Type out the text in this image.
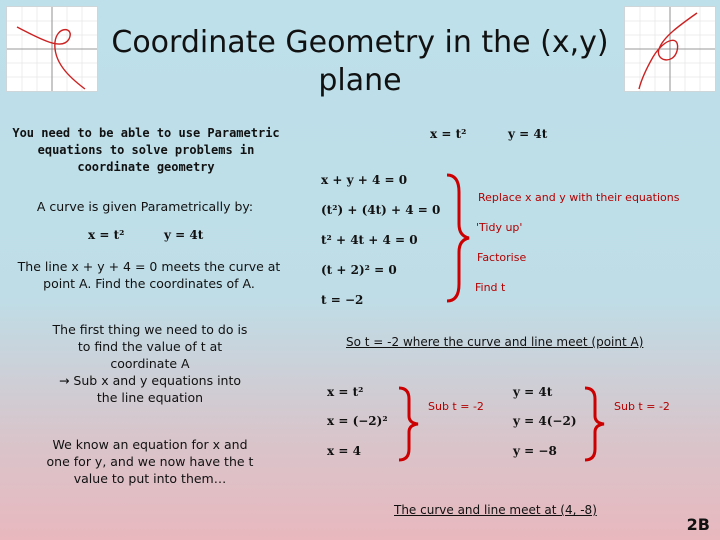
Coordinate Geometry in the (x,y)
plane
You need to be able to use Parametric
equations to solve problems in
coordinate geometry
A curve is given Parametrically by:
x = t²	y = 4t
The line x + y + 4 = 0 meets the curve at
point A. Find the coordinates of A.
The first thing we need to do is
to find the value of t at
coordinate A
→ Sub x and y equations into
the line equation
We know an equation for x and
one for y, and we now have the t
value to put into them…
x = t²	y = 4t
x + y + 4 = 0
(t²) + (4t) + 4 = 0
t² + 4t + 4 = 0
(t + 2)² = 0
t = −2
Replace x and y with their equations
'Tidy up'
Factorise
Find t
So t = -2 where the curve and line meet (point A)
x = t²
x = (−2)²
x = 4
Sub t = -2
y = 4t
y = 4(−2)
y = −8
Sub t = -2
The curve and line meet at (4, -8)
2B
